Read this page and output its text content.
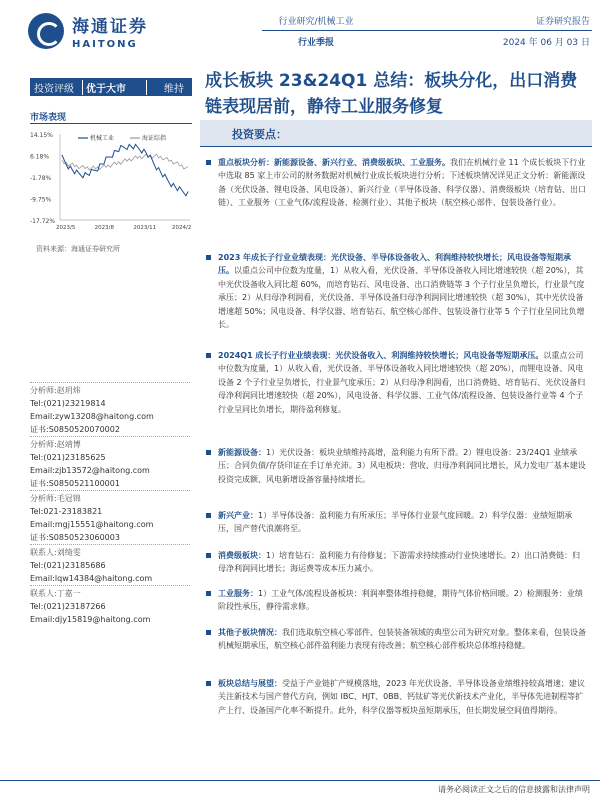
海通证券
HAITONG
行业研究/机械工业
行业季报
证券研究报告
2024 年 06 月 03 日
投资评级	优于大市	维持	成长板块 23&24Q1 总结：板块分化，出口消费链表现居前，静待工业服务修复
市场表现
14.15%
6.18%
-1.78%
-9.75%
-17.72%
2023/5	2023/8	2023/11	2024/2
机械工业	海证综指
资料来源：海通证券研究所
分析师:赵玥炜
Tel:(021)23219814
Email:zyw13208@haitong.com
证书:S0850520070002
分析师:赵靖博
Tel:(021)23185625
Email:zjb13572@haitong.com
证书:S0850521100001
分析师:毛冠锦
Tel:021-23183821
Email:mgj15551@haitong.com
证书:S0850523060003
联系人:刘绮雯
Tel:(021)23185686
Email:lqw14384@haitong.com
联系人:丁嘉一
Tel:(021)23187266
Email:djy15819@haitong.com
投资要点：
重点板块分析：新能源设备、新兴行业、消费级板块、工业服务。我们在机械行业 11 个成长板块下行业中选取 85 家上市公司的财务数据对机械行业成长板块进行分析；下述板块情况详见正文分析：新能源设备（光伏设备、锂电设备、风电设备）、新兴行业（半导体设备、科学仪器）、消费级板块（培育钻、出口链）、工业服务（工业气体/流程设备、检测行业）、其他子板块（航空核心部件、包装设备行业）。
2023 年成长子行业业绩表现：光伏设备、半导体设备收入、利润维持较快增长；风电设备等短期承压。以重点公司中位数为度量，1）从收入看，光伏设备、半导体设备收入同比增速较快（超 20%），其中光伏设备收入同比超 60%，而培育钻石、风电设备、出口消费链等 3 个子行业呈负增长，行业景气度承压；2）从归母净利润看，光伏设备、半导体设备归母净利润同比增速较快（超 30%），其中光伏设备增速超 50%；风电设备、科学仪器、培育钻石、航空核心部件、包装设备行业等 5 个子行业呈同比负增长。
2024Q1 成长子行业业绩表现：光伏设备收入、利润维持较快增长；风电设备等短期承压。以重点公司中位数为度量，1）从收入看，光伏设备、半导体设备收入同比增速较快（超 20%），而锂电设备、风电设备 2 个子行业呈负增长，行业景气度承压；2）从归母净利润看，出口消费链、培育钻石、光伏设备归母净利润同比增速较快（超 20%），风电设备、科学仪器、工业气体/流程设备、包装设备行业等 4 个子行业呈同比负增长，期待盈利修复。
新能源设备：1）光伏设备：板块业绩维持高增，盈利能力有所下滑。2）锂电设备：23/24Q1 业绩承压；合同负债/存货印证在手订单充沛。3）风电板块：营收、归母净利润同比增长，风力发电厂基本建设投资完成额、风电新增设备容量持续增长。
新兴产业：1）半导体设备：盈利能力有所承压；半导体行业景气度回暖。2）科学仪器：业绩短期承压，国产替代浪潮将至。
消费级板块：1）培育钻石：盈利能力有待修复；下游需求持续推动行业快速增长。2）出口消费链：归母净利润同比增长；海运费等成本压力减小。
工业服务：1）工业气体/流程设备板块：利润率整体维持稳健，期待气体价格回暖。2）检测服务：业绩阶段性承压，静待需求修。
其他子板块情况：我们选取航空核心零部件、包装装备领域的典型公司为研究对象。整体来看，包装设备机械短期承压，航空核心部件盈利能力表现有待改善；航空核心部件板块总体维持稳健。
板块总结与展望：受益于产业链扩产规模落地，2023 年光伏设备、半导体设备业绩维持较高增速；建议关注新技术与国产替代方向，例如 IBC、HJT、0BB、钙钛矿等光伏新技术产业化，半导体先进制程等扩产上行、设备国产化率不断提升。此外，科学仪器等板块虽短期承压，但长期发展空间值得期待。
请务必阅读正文之后的信息披露和法律声明
